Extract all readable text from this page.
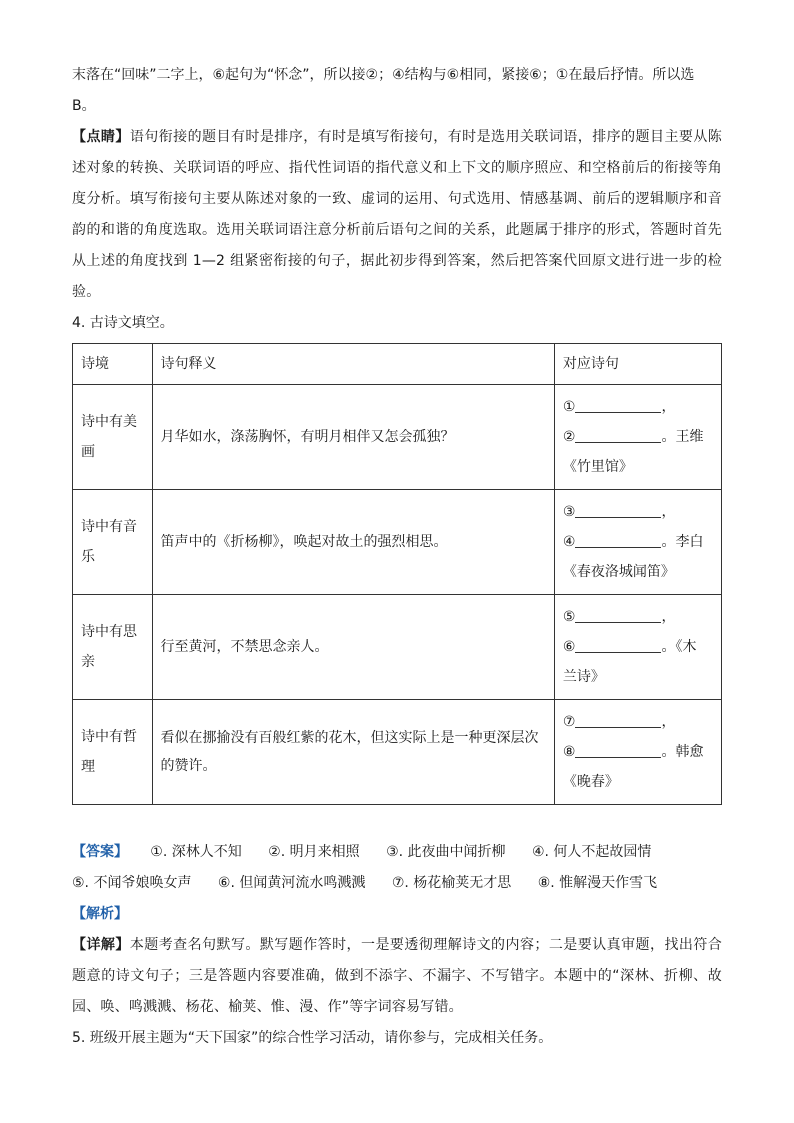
末落在“回味”二字上，⑥起句为“怀念”，所以接②；④结构与⑥相同，紧接⑥；①在最后抒情。所以选
B。

【点睛】语句衔接的题目有时是排序，有时是填写衔接句，有时是选用关联词语，排序的题目主要从陈述对象的转换、关联词语的呼应、指代性词语的指代意义和上下文的顺序照应、和空格前后的衔接等角度分析。填写衔接句主要从陈述对象的一致、虚词的运用、句式选用、情感基调、前后的逻辑顺序和音韵的和谐的角度选取。选用关联词语注意分析前后语句之间的关系，此题属于排序的形式，答题时首先从上述的角度找到 1—2 组紧密衔接的句子，据此初步得到答案，然后把答案代回原文进行进一步的检验。

4. 古诗文填空。

诗境	诗句释义	对应诗句
诗中有美画	月华如水，涤荡胸怀，有明月相伴又怎会孤独？	① ，
② 。王维
《竹里馆》
诗中有音乐	笛声中的《折杨柳》，唤起对故土的强烈相思。	③ ，
④ 。李白
《春夜洛城闻笛》
诗中有思亲	行至黄河，不禁思念亲人。	⑤ ，
⑥ 。《木
兰诗》
诗中有哲理	看似在挪揄没有百般红紫的花木，但这实际上是一种更深层次的赞许。	⑦ ，
⑧ 。韩愈
《晚春》
【答案】 ①. 深林人不知 ②. 明月来相照 ③. 此夜曲中闻折柳 ④. 何人不起故园情
⑤. 不闻爷娘唤女声 ⑥. 但闻黄河流水鸣溅溅 ⑦. 杨花榆荚无才思 ⑧. 惟解漫天作雪飞

【解析】

【详解】本题考查名句默写。默写题作答时，一是要透彻理解诗文的内容；二是要认真审题，找出符合题意的诗文句子；三是答题内容要准确，做到不添字、不漏字、不写错字。本题中的“深林、折柳、故园、唤、鸣溅溅、杨花、榆荚、惟、漫、作”等字词容易写错。

5. 班级开展主题为“天下国家”的综合性学习活动，请你参与，完成相关任务。
